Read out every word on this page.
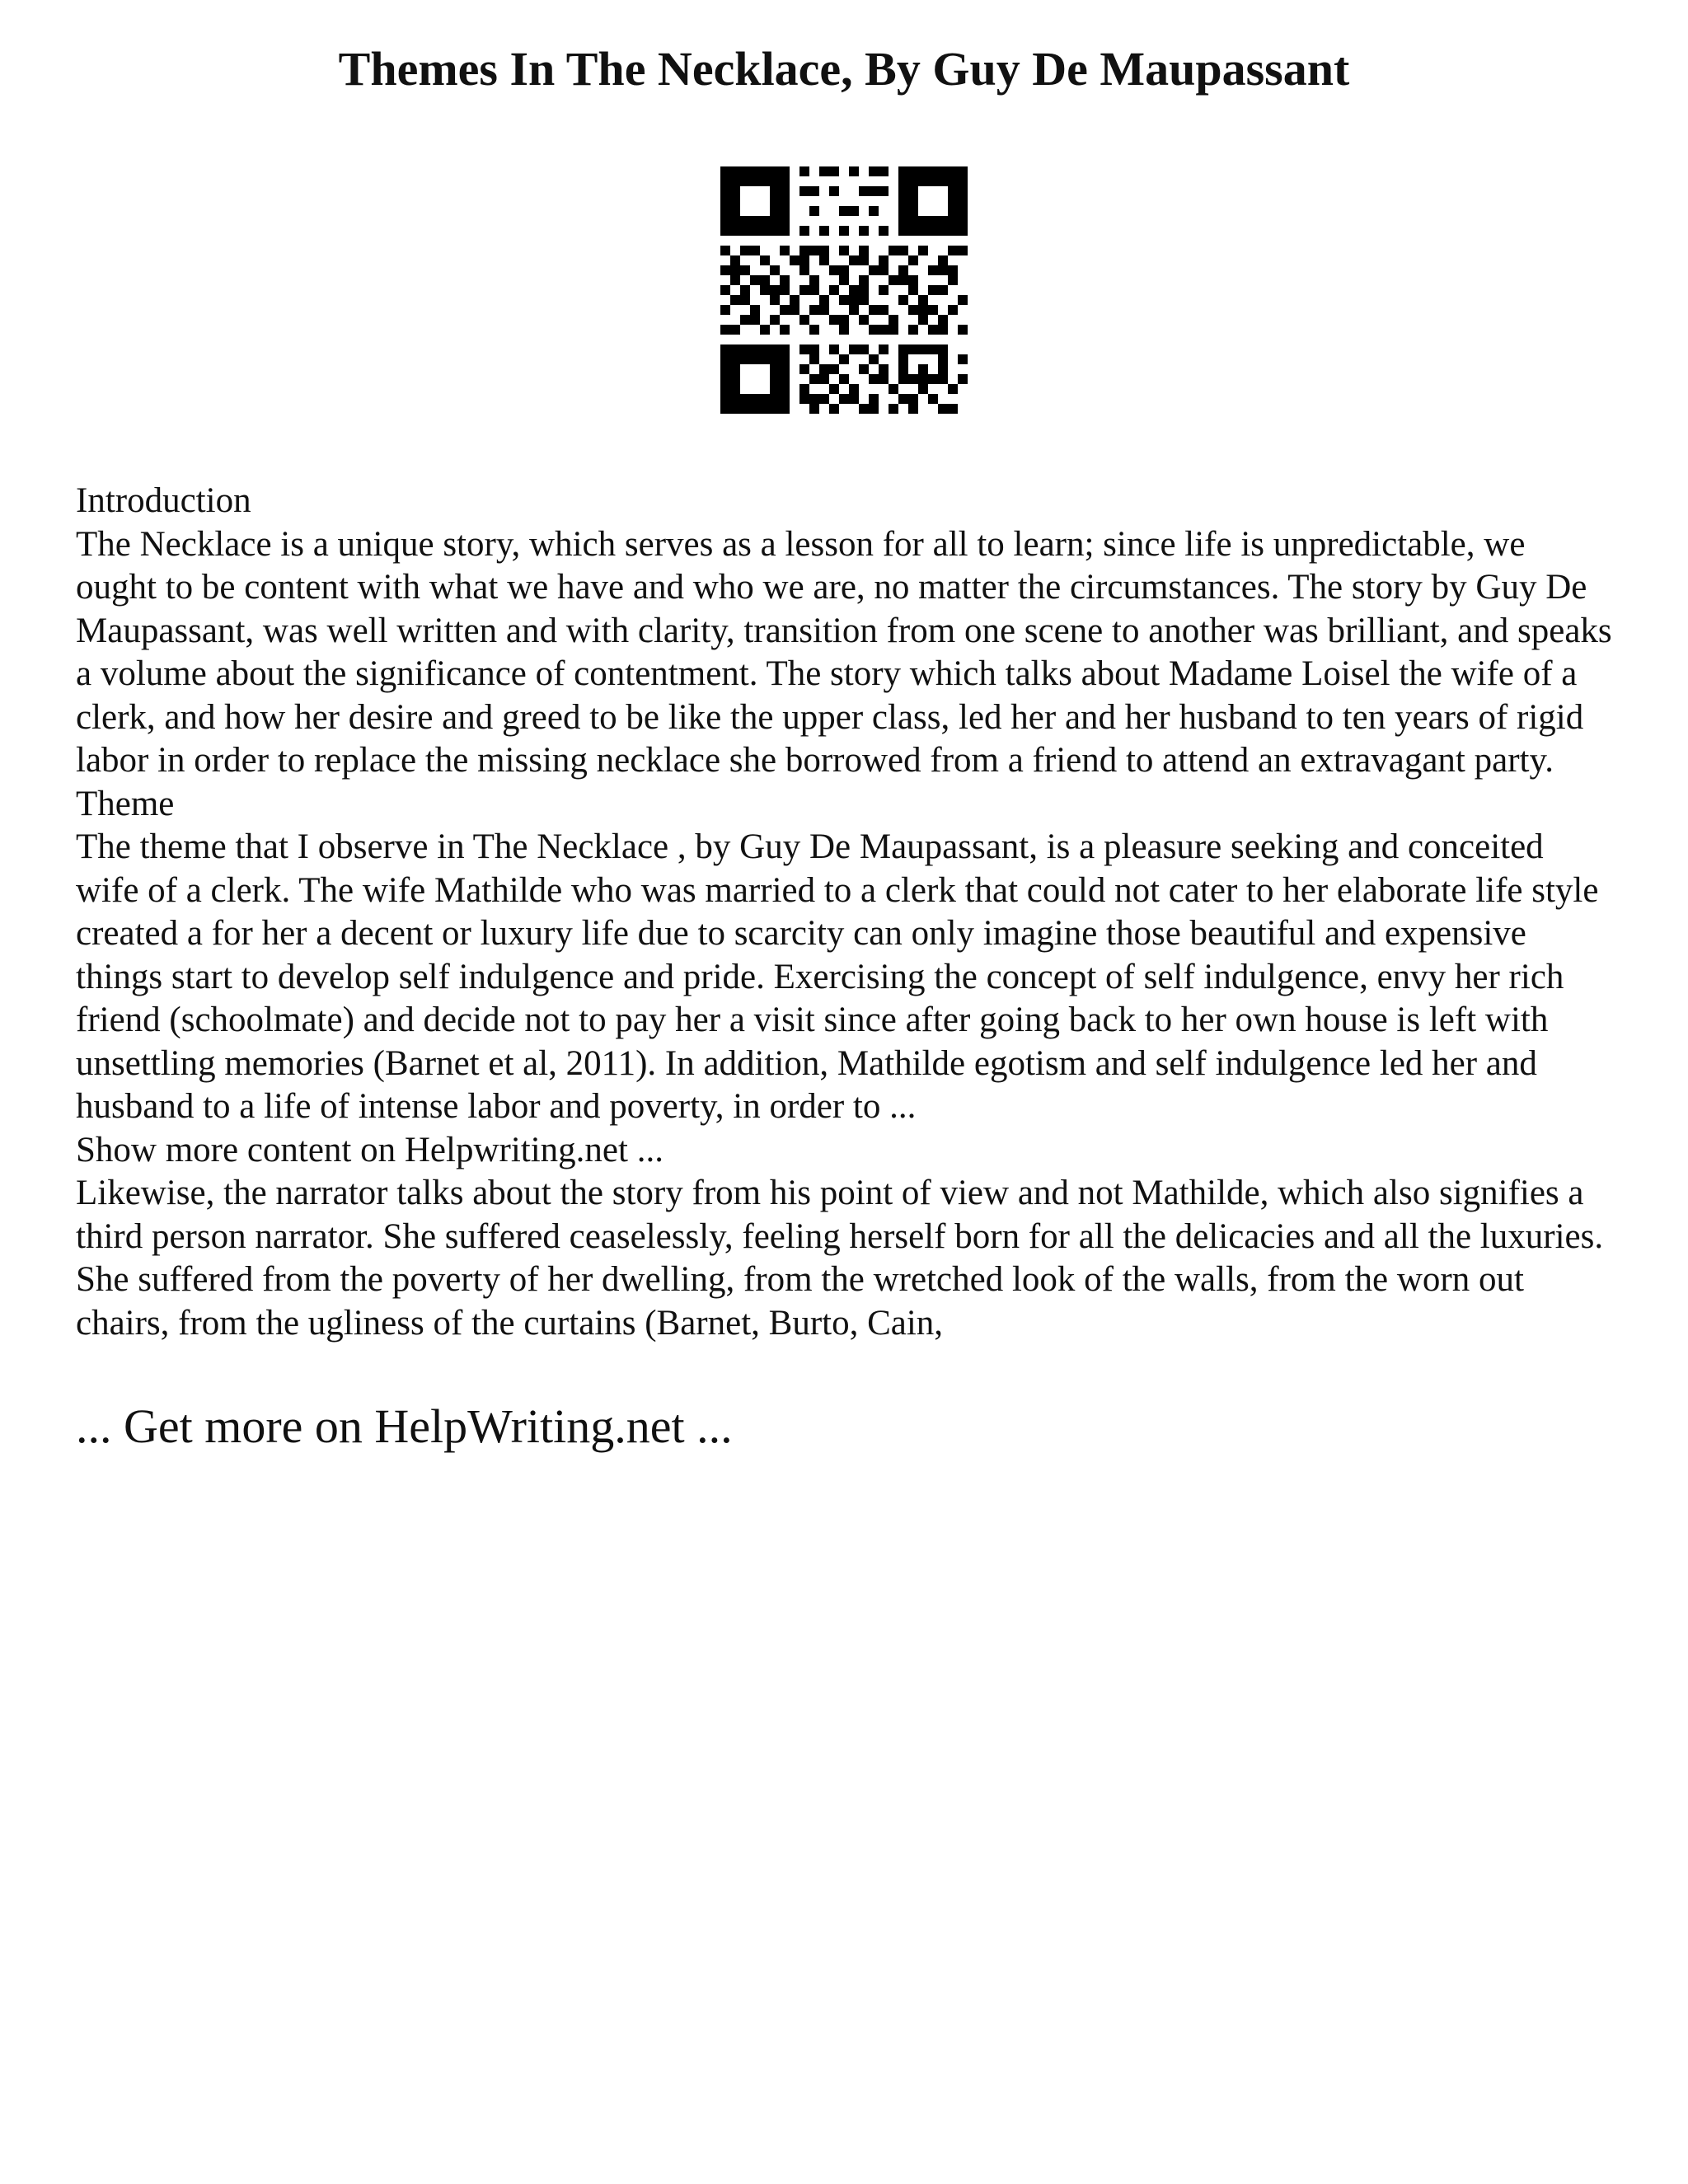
Themes In The Necklace, By Guy De Maupassant

Introduction

The Necklace is a unique story, which serves as a lesson for all to learn; since life is unpredictable, we ought to be content with what we have and who we are, no matter the circumstances. The story by Guy De Maupassant, was well written and with clarity, transition from one scene to another was brilliant, and speaks a volume about the significance of contentment. The story which talks about Madame Loisel the wife of a clerk, and how her desire and greed to be like the upper class, led her and her husband to ten years of rigid labor in order to replace the missing necklace she borrowed from a friend to attend an extravagant party.

Theme

The theme that I observe in The Necklace , by Guy De Maupassant, is a pleasure seeking and conceited wife of a clerk. The wife Mathilde who was married to a clerk that could not cater to her elaborate life style created a for her a decent or luxury life due to scarcity can only imagine those beautiful and expensive things start to develop self indulgence and pride. Exercising the concept of self indulgence, envy her rich friend (schoolmate) and decide not to pay her a visit since after going back to her own house is left with unsettling memories (Barnet et al, 2011). In addition, Mathilde egotism and self indulgence led her and husband to a life of intense labor and poverty, in order to ...

Show more content on Helpwriting.net ...

Likewise, the narrator talks about the story from his point of view and not Mathilde, which also signifies a third person narrator. She suffered ceaselessly, feeling herself born for all the delicacies and all the luxuries. She suffered from the poverty of her dwelling, from the wretched look of the walls, from the worn out chairs, from the ugliness of the curtains (Barnet, Burto, Cain,

... Get more on HelpWriting.net ...
